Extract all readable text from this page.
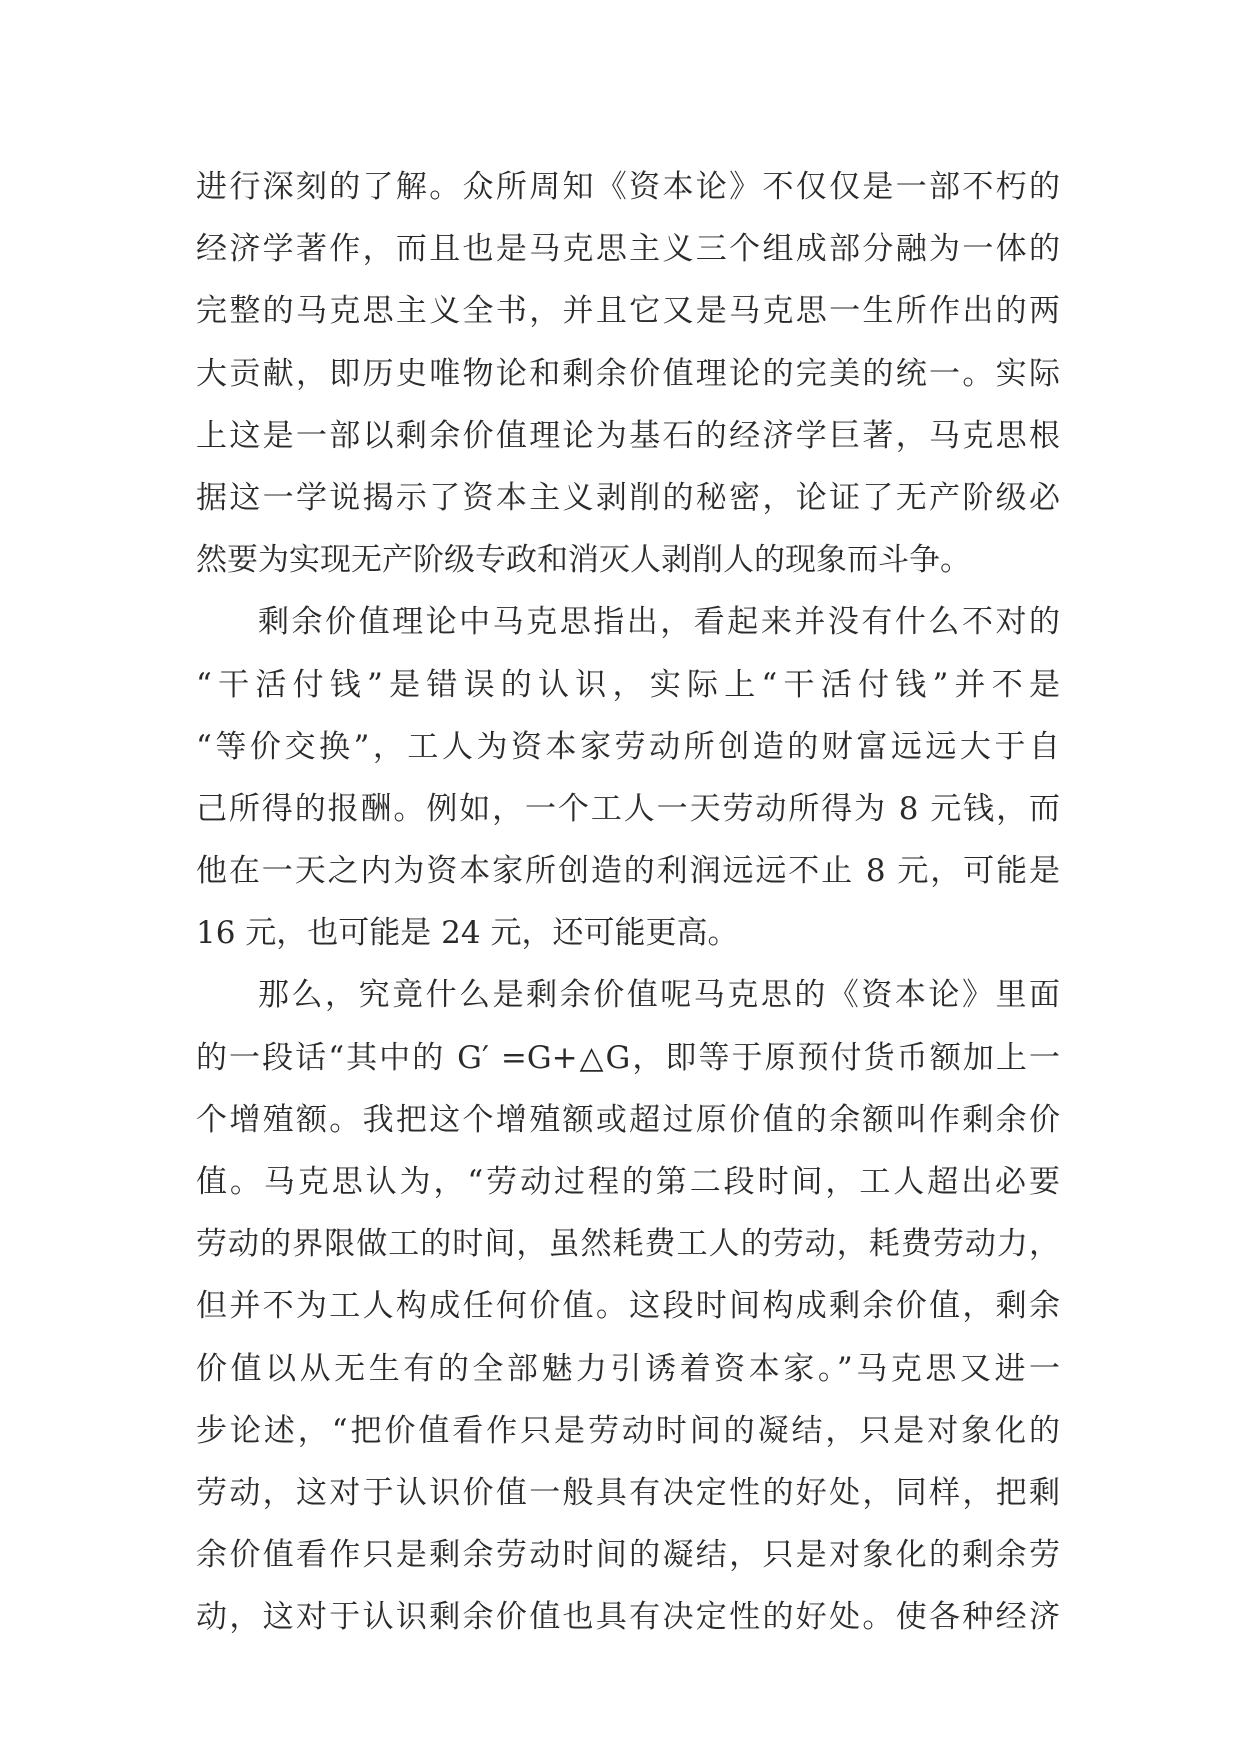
进行深刻的了解。众所周知《资本论》不仅仅是一部不朽的
经济学著作，而且也是马克思主义三个组成部分融为一体的
完整的马克思主义全书，并且它又是马克思一生所作出的两
大贡献，即历史唯物论和剩余价值理论的完美的统一。实际
上这是一部以剩余价值理论为基石的经济学巨著，马克思根
据这一学说揭示了资本主义剥削的秘密，论证了无产阶级必
然要为实现无产阶级专政和消灭人剥削人的现象而斗争。
剩余价值理论中马克思指出，看起来并没有什么不对的
“干活付钱”是错误的认识，实际上“干活付钱”并不是
“等价交换”，工人为资本家劳动所创造的财富远远大于自
己所得的报酬。例如，一个工人一天劳动所得为 8 元钱，而
他在一天之内为资本家所创造的利润远远不止 8 元，可能是
16 元，也可能是 24 元，还可能更高。
那么，究竟什么是剩余价值呢马克思的《资本论》里面
的一段话“其中的 G′ =G+△G，即等于原预付货币额加上一
个增殖额。我把这个增殖额或超过原价值的余额叫作剩余价
值。马克思认为，“劳动过程的第二段时间，工人超出必要
劳动的界限做工的时间，虽然耗费工人的劳动，耗费劳动力，
但并不为工人构成任何价值。这段时间构成剩余价值，剩余
价值以从无生有的全部魅力引诱着资本家。”马克思又进一
步论述，“把价值看作只是劳动时间的凝结，只是对象化的
劳动，这对于认识价值一般具有决定性的好处，同样，把剩
余价值看作只是剩余劳动时间的凝结，只是对象化的剩余劳
动，这对于认识剩余价值也具有决定性的好处。使各种经济
